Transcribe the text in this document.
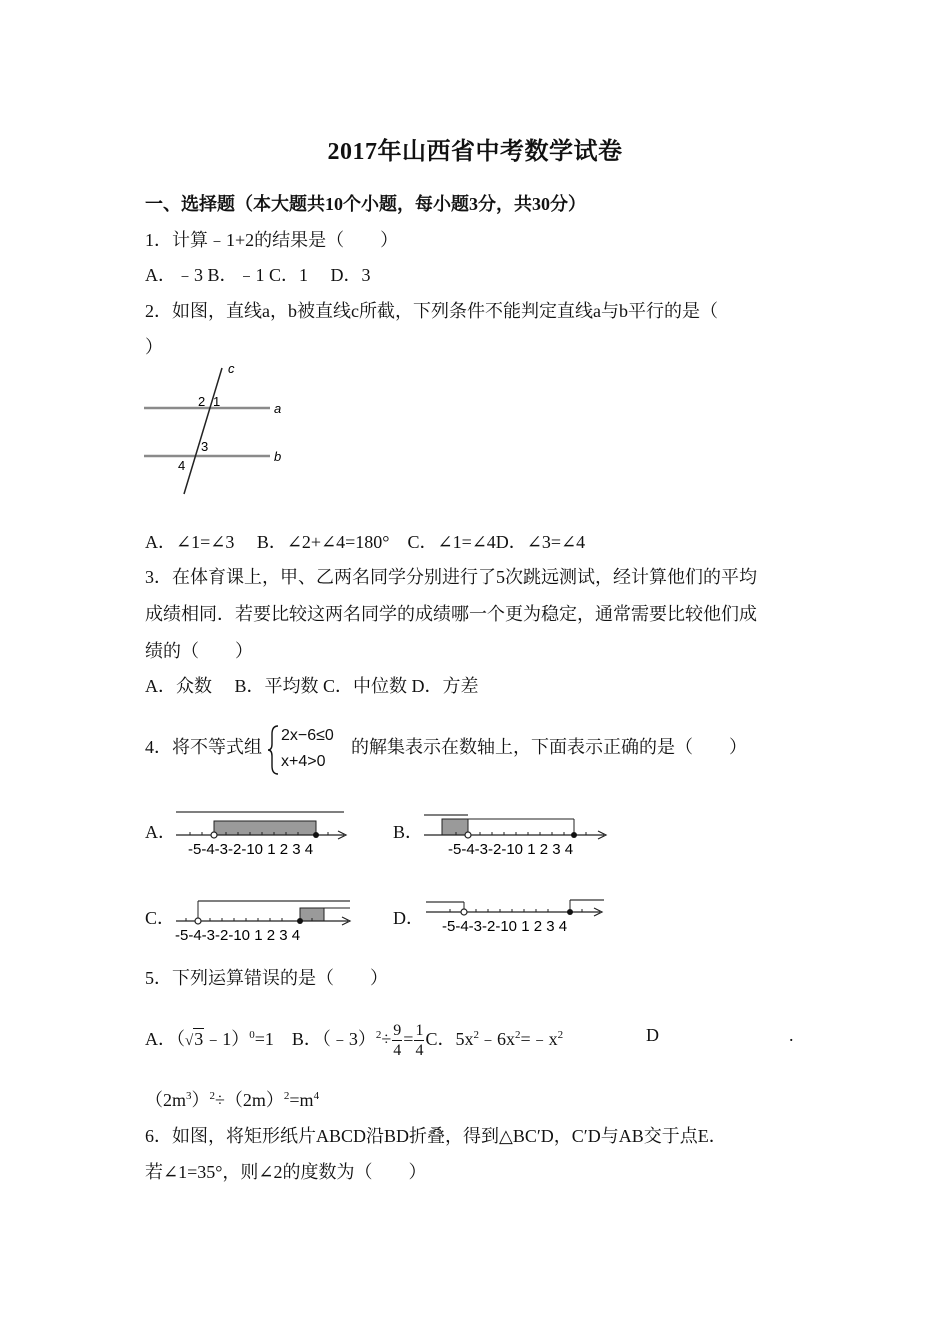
2017年山西省中考数学试卷
一、选择题（本大题共10个小题，每小题3分，共30分）
1．计算﹣1+2的结果是（　　）
A．﹣3 B．﹣1 C．1　 D．3
2．如图，直线a，b被直线c所截，下列条件不能判定直线a与b平行的是（
）
c
a
b
2 1
3
4
A．∠1=∠3　 B．∠2+∠4=180°　C．∠1=∠4D．∠3=∠4
3．在体育课上，甲、乙两名同学分别进行了5次跳远测试，经计算他们的平均
成绩相同．若要比较这两名同学的成绩哪一个更为稳定，通常需要比较他们成
绩的（　　）
A．众数　 B．平均数 C．中位数 D．方差
4．将不等式组
2x−6≤0
x+4>0
的解集表示在数轴上，下面表示正确的是（　　）
A．
-5-4-3-2-10 1 2 3 4
B．
-5-4-3-2-10 1 2 3 4
C．
-5-4-3-2-10 1 2 3 4
D． -5-4-3-2-10 1 2 3 4
5．下列运算错误的是（　　）
A．（√3﹣1）$^0$=1　B．（﹣3）$^2$÷ $\frac{9}{4} = \frac{1}{4}$ C．$5x^2﹣6x^2=﹣x^2$	D	.
$(2m^3)^2\div(2m)^2=m^4$
6．如图，将矩形纸片ABCD沿BD折叠，得到△BC′D，C′D与AB交于点E．
若∠1=35°，则∠2的度数为（　　）
